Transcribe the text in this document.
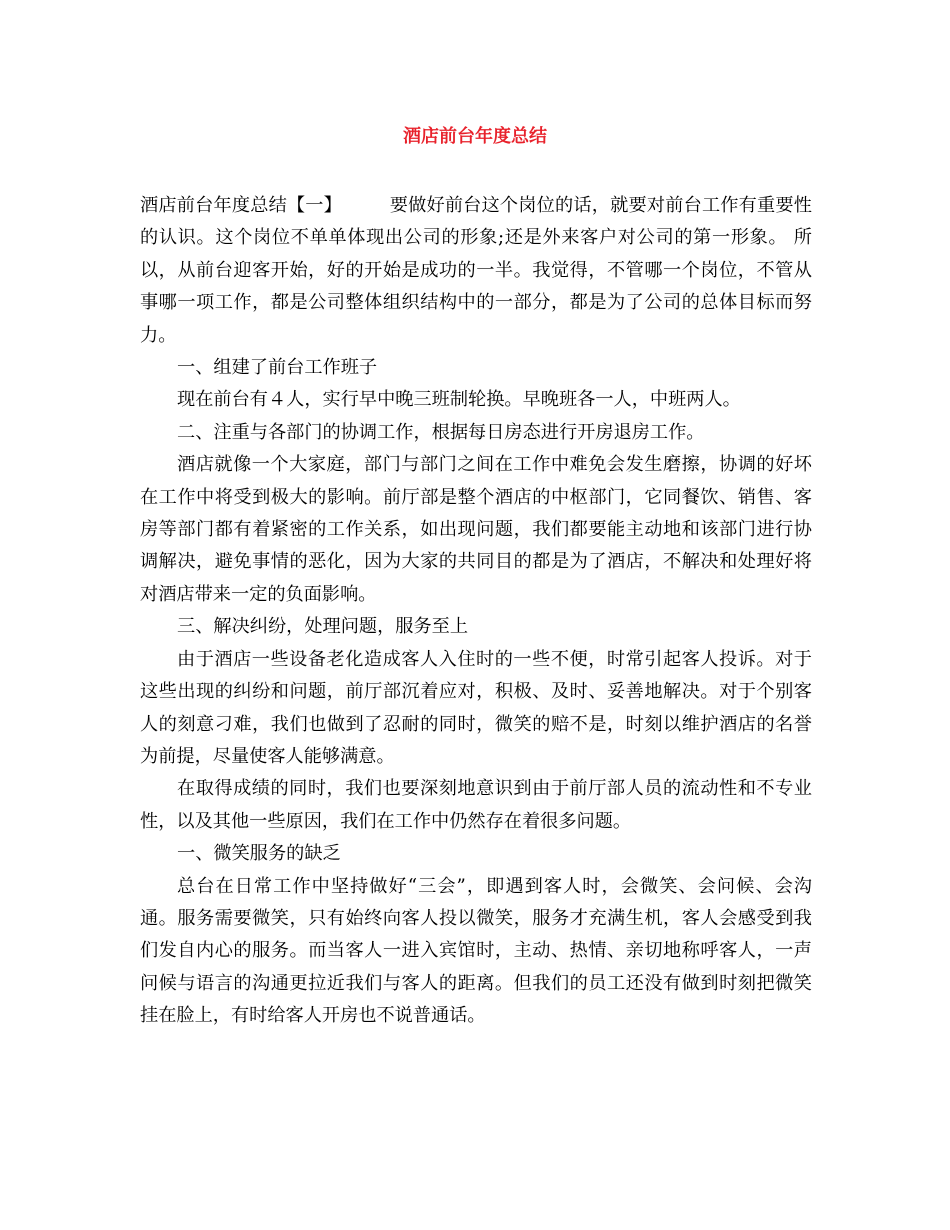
酒店前台年度总结

酒店前台年度总结【一】	要做好前台这个岗位的话，就要对前台工作有重要性的认识。这个岗位不单单体现出公司的形象;还是外来客户对公司的第一形象。 所以，从前台迎客开始，好的开始是成功的一半。我觉得，不管哪一个岗位，不管从事哪一项工作，都是公司整体组织结构中的一部分，都是为了公司的总体目标而努力。

一、组建了前台工作班子

现在前台有４人，实行早中晚三班制轮换。早晚班各一人，中班两人。

二、注重与各部门的协调工作，根据每日房态进行开房退房工作。

酒店就像一个大家庭，部门与部门之间在工作中难免会发生磨擦，协调的好坏在工作中将受到极大的影响。前厅部是整个酒店的中枢部门，它同餐饮、销售、客房等部门都有着紧密的工作关系，如出现问题，我们都要能主动地和该部门进行协调解决，避免事情的恶化，因为大家的共同目的都是为了酒店，不解决和处理好将对酒店带来一定的负面影响。

三、解决纠纷，处理问题，服务至上

由于酒店一些设备老化造成客人入住时的一些不便，时常引起客人投诉。对于这些出现的纠纷和问题，前厅部沉着应对，积极、及时、妥善地解决。对于个别客人的刻意刁难，我们也做到了忍耐的同时，微笑的赔不是，时刻以维护酒店的名誉为前提，尽量使客人能够满意。

在取得成绩的同时，我们也要深刻地意识到由于前厅部人员的流动性和不专业性，以及其他一些原因，我们在工作中仍然存在着很多问题。

一、微笑服务的缺乏

总台在日常工作中坚持做好“三会”，即遇到客人时，会微笑、会问候、会沟通。服务需要微笑，只有始终向客人投以微笑，服务才充满生机，客人会感受到我们发自内心的服务。而当客人一进入宾馆时，主动、热情、亲切地称呼客人，一声问候与语言的沟通更拉近我们与客人的距离。但我们的员工还没有做到时刻把微笑挂在脸上，有时给客人开房也不说普通话。
